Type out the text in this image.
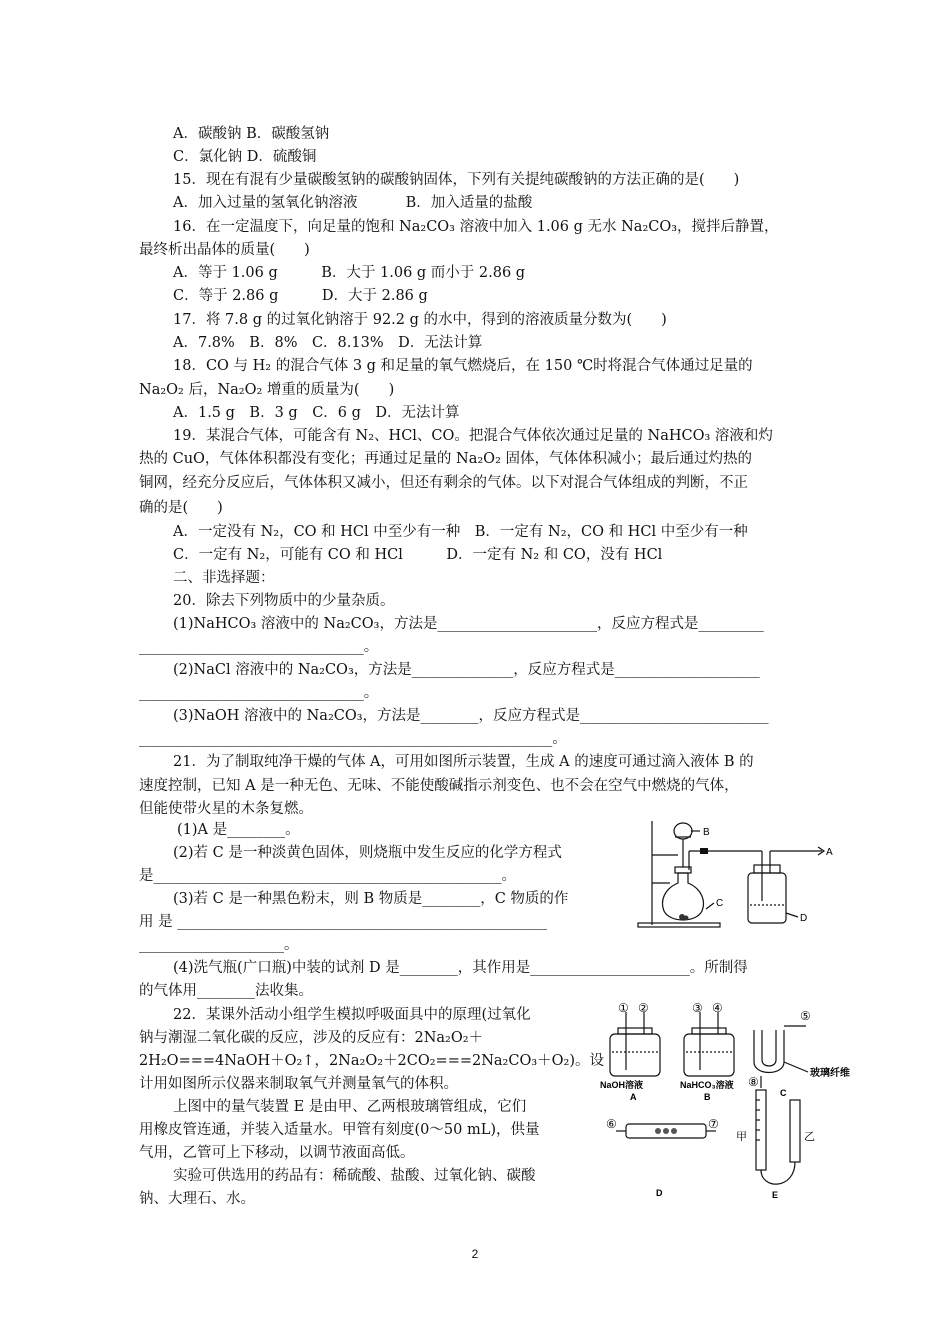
A．碳酸钠 B．碳酸氢钠
C．氯化钠 D．硫酸铜
15．现在有混有少量碳酸氢钠的碳酸钠固体，下列有关提纯碳酸钠的方法正确的是(　　)
A．加入过量的氢氧化钠溶液　　　 B．加入适量的盐酸
16．在一定温度下，向足量的饱和 Na₂CO₃ 溶液中加入 1.06 g 无水 Na₂CO₃，搅拌后静置，
最终析出晶体的质量(　　)
A．等于 1.06 g　　　B．大于 1.06 g 而小于 2.86 g
C．等于 2.86 g　　　D．大于 2.86 g
17．将 7.8 g 的过氧化钠溶于 92.2 g 的水中，得到的溶液质量分数为(　　)
A．7.8%　B．8%　C．8.13%　D．无法计算
18．CO 与 H₂ 的混合气体 3 g 和足量的氧气燃烧后，在 150 ℃时将混合气体通过足量的
Na₂O₂ 后，Na₂O₂ 增重的质量为(　　)
A．1.5 g　B．3 g　C．6 g　D．无法计算
19．某混合气体，可能含有 N₂、HCl、CO。把混合气体依次通过足量的 NaHCO₃ 溶液和灼
热的 CuO，气体体积都没有变化；再通过足量的 Na₂O₂ 固体，气体体积减小；最后通过灼热的
铜网，经充分反应后，气体体积又减小，但还有剩余的气体。以下对混合气体组成的判断，不正
确的是(　　)
A．一定没有 N₂，CO 和 HCl 中至少有一种　B．一定有 N₂，CO 和 HCl 中至少有一种
C．一定有 N₂，可能有 CO 和 HCl　　　D．一定有 N₂ 和 CO，没有 HCl
二、非选择题：
20．除去下列物质中的少量杂质。
(1)NaHCO₃ 溶液中的 Na₂CO₃，方法是______________________，反应方程式是_________
_______________________________。
(2)NaCl 溶液中的 Na₂CO₃，方法是______________，反应方程式是____________________
_______________________________。
(3)NaOH 溶液中的 Na₂CO₃，方法是________，反应方程式是__________________________
_________________________________________________________。
21．为了制取纯净干燥的气体 A，可用如图所示装置，生成 A 的速度可通过滴入液体 B 的
速度控制，已知 A 是一种无色、无味、不能使酸碱指示剂变色、也不会在空气中燃烧的气体，
但能使带火星的木条复燃。
(1)A 是________。
(2)若 C 是一种淡黄色固体，则烧瓶中发生反应的化学方程式
是________________________________________________。
(3)若 C 是一种黑色粉末，则 B 物质是________，C 物质的作
用 是 ___________________________________________________
____________________。
(4)洗气瓶(广口瓶)中装的试剂 D 是________，其作用是______________________。所制得
的气体用________法收集。
22．某课外活动小组学生模拟呼吸面具中的原理(过氧化
钠与潮湿二氧化碳的反应，涉及的反应有：2Na₂O₂＋
2H₂O===4NaOH＋O₂↑，2Na₂O₂＋2CO₂===2Na₂CO₃＋O₂)。设
计用如图所示仪器来制取氧气并测量氧气的体积。
上图中的量气装置 E 是由甲、乙两根玻璃管组成，它们
用橡皮管连通，并装入适量水。甲管有刻度(0～50 mL)，供量
气用，乙管可上下移动，以调节液面高低。
实验可供选用的药品有：稀硫酸、盐酸、过氧化钠、碳酸
钠、大理石、水。
B
A
C
D
① ②	③ ④
⑤
⑥	⑦
⑧
NaOH溶液	NaHCO₃溶液
玻璃纤维
A	B	C
D	E
甲	乙
2
